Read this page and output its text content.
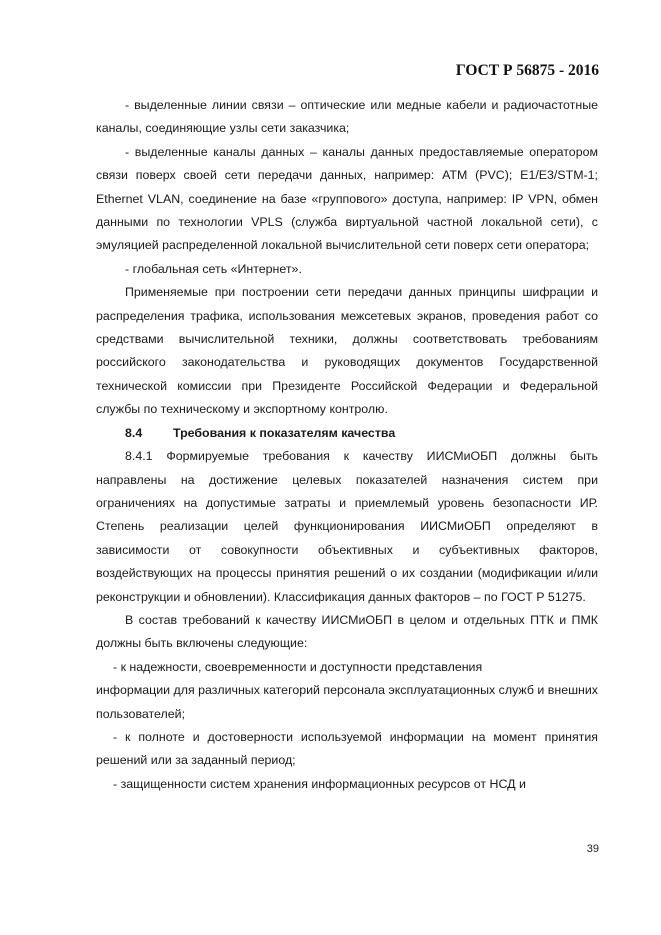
ГОСТ Р 56875 - 2016

- выделенные линии связи – оптические или медные кабели и радиочастотные каналы, соединяющие узлы сети заказчика;

- выделенные каналы данных – каналы данных предоставляемые оператором связи поверх своей сети передачи данных, например: ATM (PVC); E1/E3/STM-1; Ethernet VLAN, соединение на базе «группового» доступа, например: IP VPN, обмен данными по технологии VPLS (служба виртуальной частной локальной сети), с эмуляцией распределенной локальной вычислительной сети поверх сети оператора;

- глобальная сеть «Интернет».

Применяемые при построении сети передачи данных принципы шифрации и распределения трафика, использования межсетевых экранов, проведения работ со средствами вычислительной техники, должны соответствовать требованиям российского законодательства и руководящих документов Государственной технической комиссии при Президенте Российской Федерации и Федеральной службы по техническому и экспортному контролю.

8.4	Требования к показателям качества

8.4.1 Формируемые требования к качеству ИИСМиОБП должны быть направлены на достижение целевых показателей назначения систем при ограничениях на допустимые затраты и приемлемый уровень безопасности ИР. Степень реализации целей функционирования ИИСМиОБП определяют в зависимости от совокупности объективных и субъективных факторов, воздействующих на процессы принятия решений о их создании (модификации и/или реконструкции и обновлении). Классификация данных факторов – по ГОСТ Р 51275.

В состав требований к качеству ИИСМиОБП в целом и отдельных ПТК и ПМК должны быть включены следующие:

- к надежности, своевременности и доступности представления

информации для различных категорий персонала эксплуатационных служб и внешних пользователей;

- к полноте и достоверности используемой информации на момент принятия решений или за заданный период;

- защищенности систем хранения информационных ресурсов от НСД и

39
